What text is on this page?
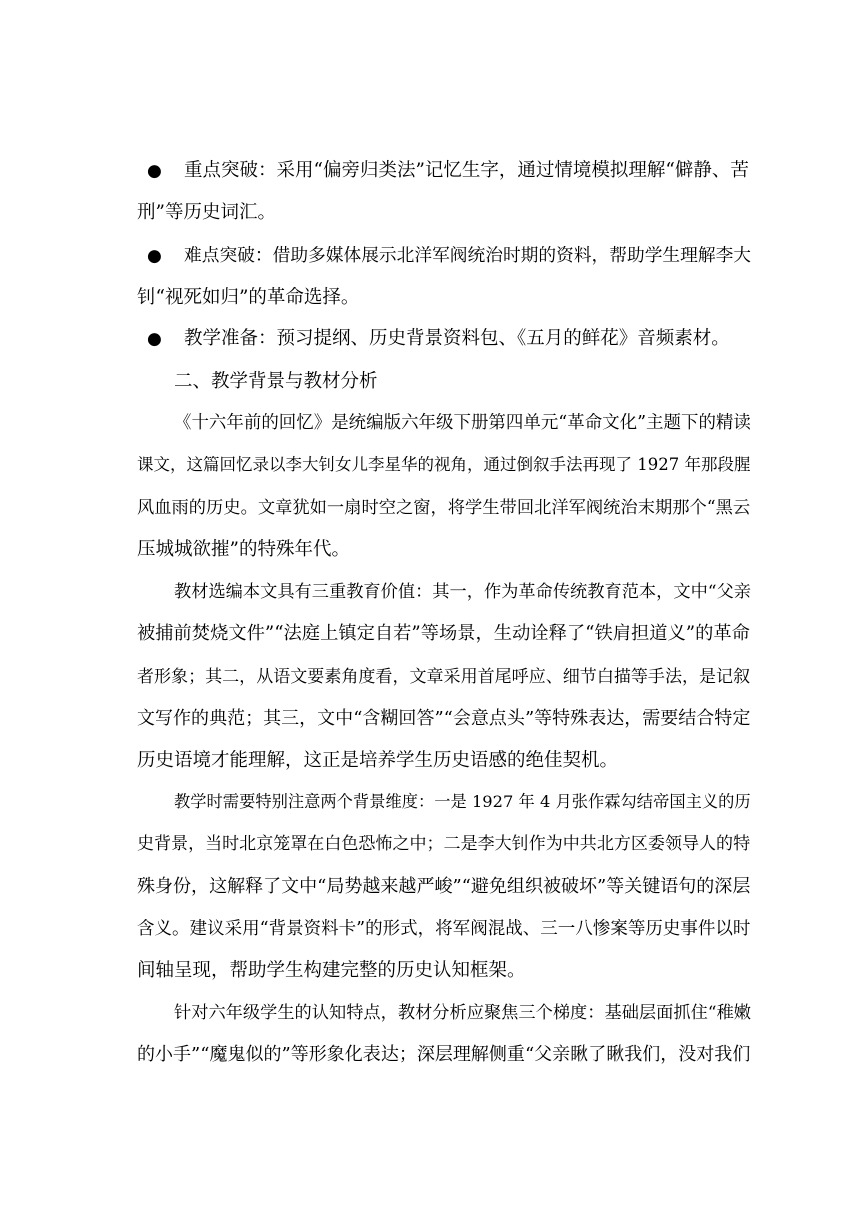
●	重点突破：采用“偏旁归类法”记忆生字，通过情境模拟理解“僻静、苦
刑”等历史词汇。
●	难点突破：借助多媒体展示北洋军阀统治时期的资料，帮助学生理解李大
钊“视死如归”的革命选择。
●	教学准备：预习提纲、历史背景资料包、《五月的鲜花》音频素材。
二、教学背景与教材分析
《十六年前的回忆》是统编版六年级下册第四单元“革命文化”主题下的精读
课文，这篇回忆录以李大钊女儿李星华的视角，通过倒叙手法再现了 1927 年那段腥
风血雨的历史。文章犹如一扇时空之窗，将学生带回北洋军阀统治末期那个“黑云
压城城欲摧”的特殊年代。
教材选编本文具有三重教育价值：其一，作为革命传统教育范本，文中“父亲
被捕前焚烧文件”“法庭上镇定自若”等场景，生动诠释了“铁肩担道义”的革命
者形象；其二，从语文要素角度看，文章采用首尾呼应、细节白描等手法，是记叙
文写作的典范；其三，文中“含糊回答”“会意点头”等特殊表达，需要结合特定
历史语境才能理解，这正是培养学生历史语感的绝佳契机。
教学时需要特别注意两个背景维度：一是 1927 年 4 月张作霖勾结帝国主义的历
史背景，当时北京笼罩在白色恐怖之中；二是李大钊作为中共北方区委领导人的特
殊身份，这解释了文中“局势越来越严峻”“避免组织被破坏”等关键语句的深层
含义。建议采用“背景资料卡”的形式，将军阀混战、三一八惨案等历史事件以时
间轴呈现，帮助学生构建完整的历史认知框架。
针对六年级学生的认知特点，教材分析应聚焦三个梯度：基础层面抓住“稚嫩
的小手”“魔鬼似的”等形象化表达；深层理解侧重“父亲瞅了瞅我们，没对我们
